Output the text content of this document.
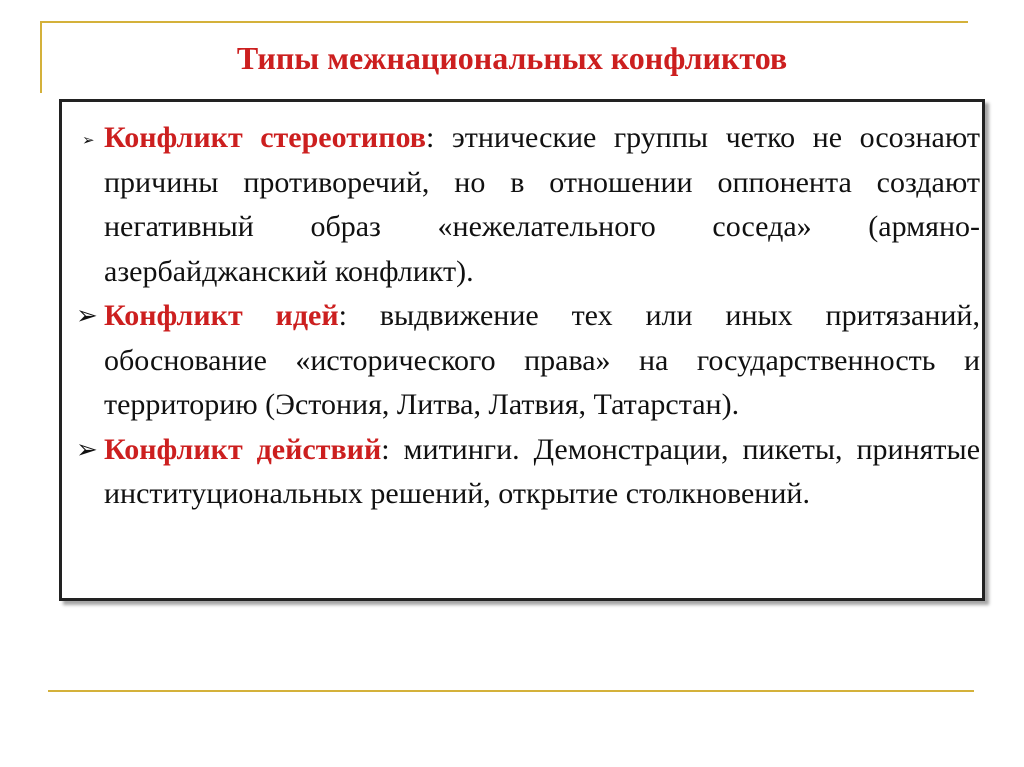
Типы межнациональных конфликтов
➢ Конфликт стереотипов: этнические группы четко не осознают причины противоречий, но в отношении оппонента создают негативный образ «нежелательного соседа» (армяно-азербайджанский конфликт).
➢ Конфликт идей: выдвижение тех или иных притязаний, обоснование «исторического права» на государственность и территорию (Эстония, Литва, Латвия, Татарстан).
➢ Конфликт действий: митинги. Демонстрации, пикеты, принятые институциональных решений, открытие столкновений.
